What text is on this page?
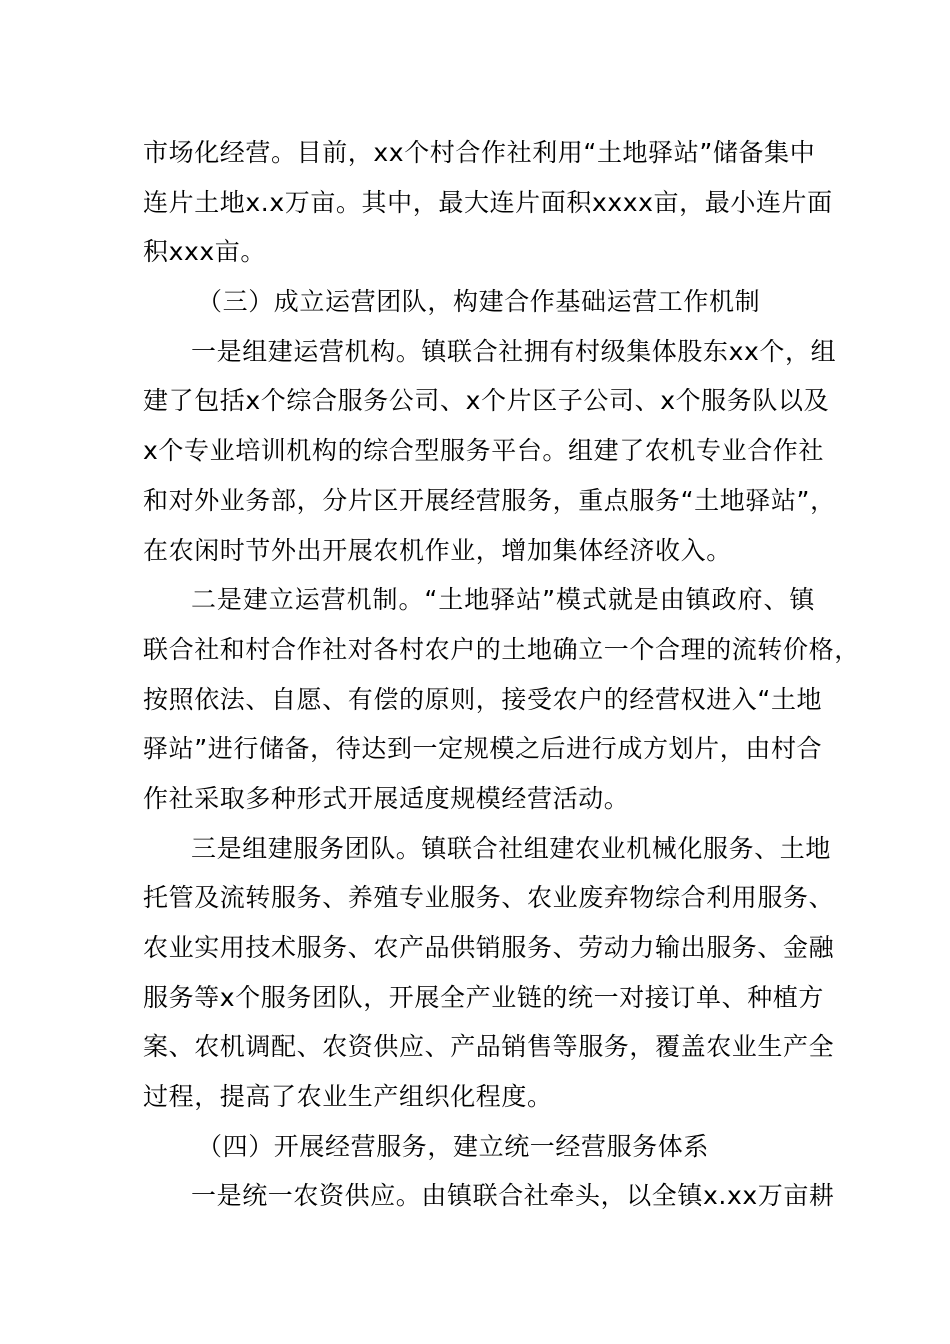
市场化经营。目前，xx个村合作社利用“土地驿站”储备集中
连片土地x.x万亩。其中，最大连片面积xxxx亩，最小连片面
积xxx亩。
（三）成立运营团队，构建合作基础运营工作机制
一是组建运营机构。镇联合社拥有村级集体股东xx个，组
建了包括x个综合服务公司、x个片区子公司、x个服务队以及
x个专业培训机构的综合型服务平台。组建了农机专业合作社
和对外业务部，分片区开展经营服务，重点服务“土地驿站”，
在农闲时节外出开展农机作业，增加集体经济收入。
二是建立运营机制。“土地驿站”模式就是由镇政府、镇
联合社和村合作社对各村农户的土地确立一个合理的流转价格，
按照依法、自愿、有偿的原则，接受农户的经营权进入“土地
驿站”进行储备，待达到一定规模之后进行成方划片，由村合
作社采取多种形式开展适度规模经营活动。
三是组建服务团队。镇联合社组建农业机械化服务、土地
托管及流转服务、养殖专业服务、农业废弃物综合利用服务、
农业实用技术服务、农产品供销服务、劳动力输出服务、金融
服务等x个服务团队，开展全产业链的统一对接订单、种植方
案、农机调配、农资供应、产品销售等服务，覆盖农业生产全
过程，提高了农业生产组织化程度。
（四）开展经营服务，建立统一经营服务体系
一是统一农资供应。由镇联合社牵头，以全镇x.xx万亩耕
